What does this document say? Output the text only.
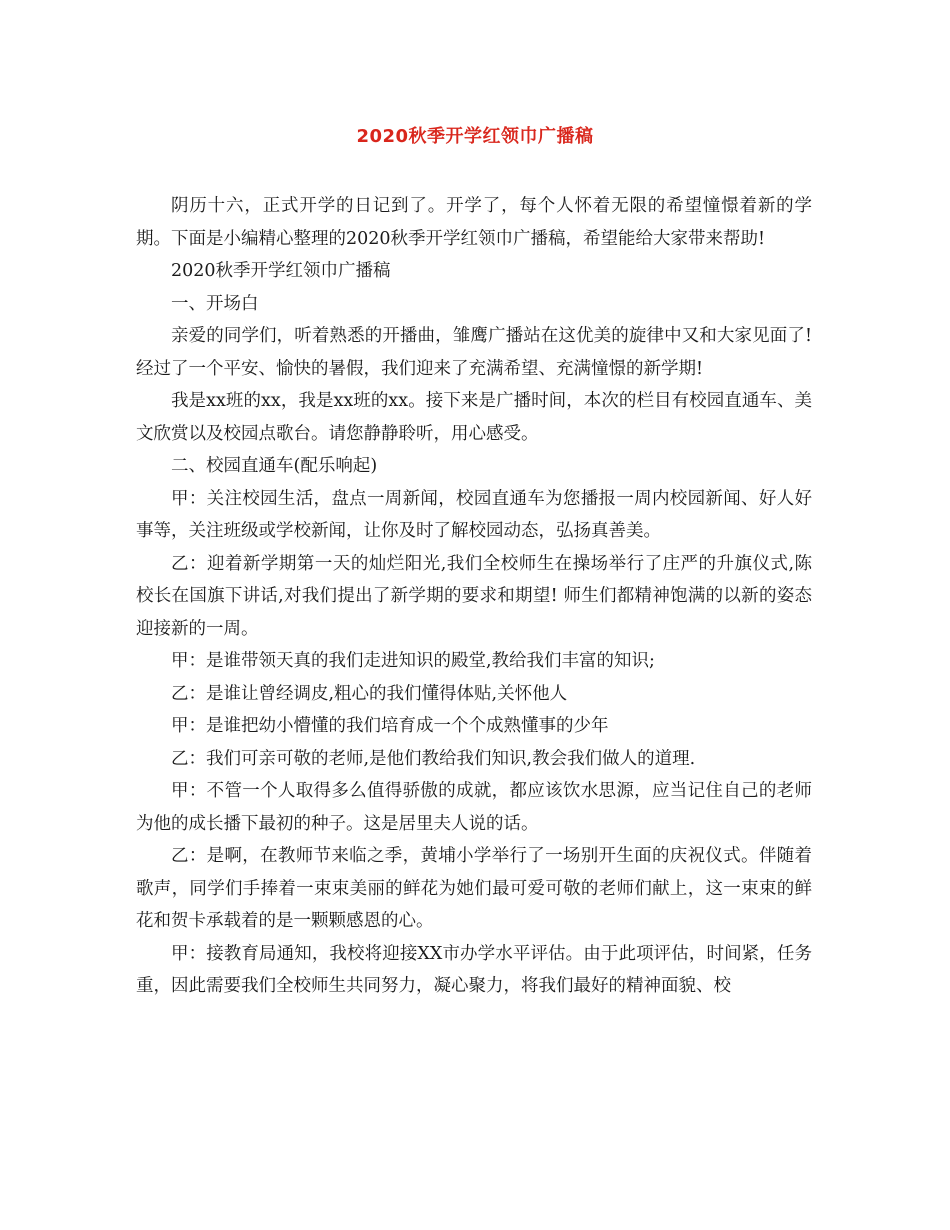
2020秋季开学红领巾广播稿

阴历十六，正式开学的日记到了。开学了，每个人怀着无限的希望憧憬着新的学期。下面是小编精心整理的2020秋季开学红领巾广播稿，希望能给大家带来帮助!

2020秋季开学红领巾广播稿

一、开场白

亲爱的同学们，听着熟悉的开播曲，雏鹰广播站在这优美的旋律中又和大家见面了!经过了一个平安、愉快的暑假，我们迎来了充满希望、充满憧憬的新学期!

我是xx班的xx，我是xx班的xx。接下来是广播时间，本次的栏目有校园直通车、美文欣赏以及校园点歌台。请您静静聆听，用心感受。

二、校园直通车(配乐响起)

甲：关注校园生活，盘点一周新闻，校园直通车为您播报一周内校园新闻、好人好事等，关注班级或学校新闻，让你及时了解校园动态，弘扬真善美。

乙：迎着新学期第一天的灿烂阳光,我们全校师生在操场举行了庄严的升旗仪式,陈校长在国旗下讲话,对我们提出了新学期的要求和期望! 师生们都精神饱满的以新的姿态迎接新的一周。

甲：是谁带领天真的我们走进知识的殿堂,教给我们丰富的知识;

乙：是谁让曾经调皮,粗心的我们懂得体贴,关怀他人

甲：是谁把幼小懵懂的我们培育成一个个成熟懂事的少年

乙：我们可亲可敬的老师,是他们教给我们知识,教会我们做人的道理.

甲：不管一个人取得多么值得骄傲的成就，都应该饮水思源，应当记住自己的老师为他的成长播下最初的种子。这是居里夫人说的话。

乙：是啊，在教师节来临之季，黄埔小学举行了一场别开生面的庆祝仪式。伴随着歌声，同学们手捧着一束束美丽的鲜花为她们最可爱可敬的老师们献上，这一束束的鲜花和贺卡承载着的是一颗颗感恩的心。

甲：接教育局通知，我校将迎接XX市办学水平评估。由于此项评估，时间紧，任务重，因此需要我们全校师生共同努力，凝心聚力，将我们最好的精神面貌、校
